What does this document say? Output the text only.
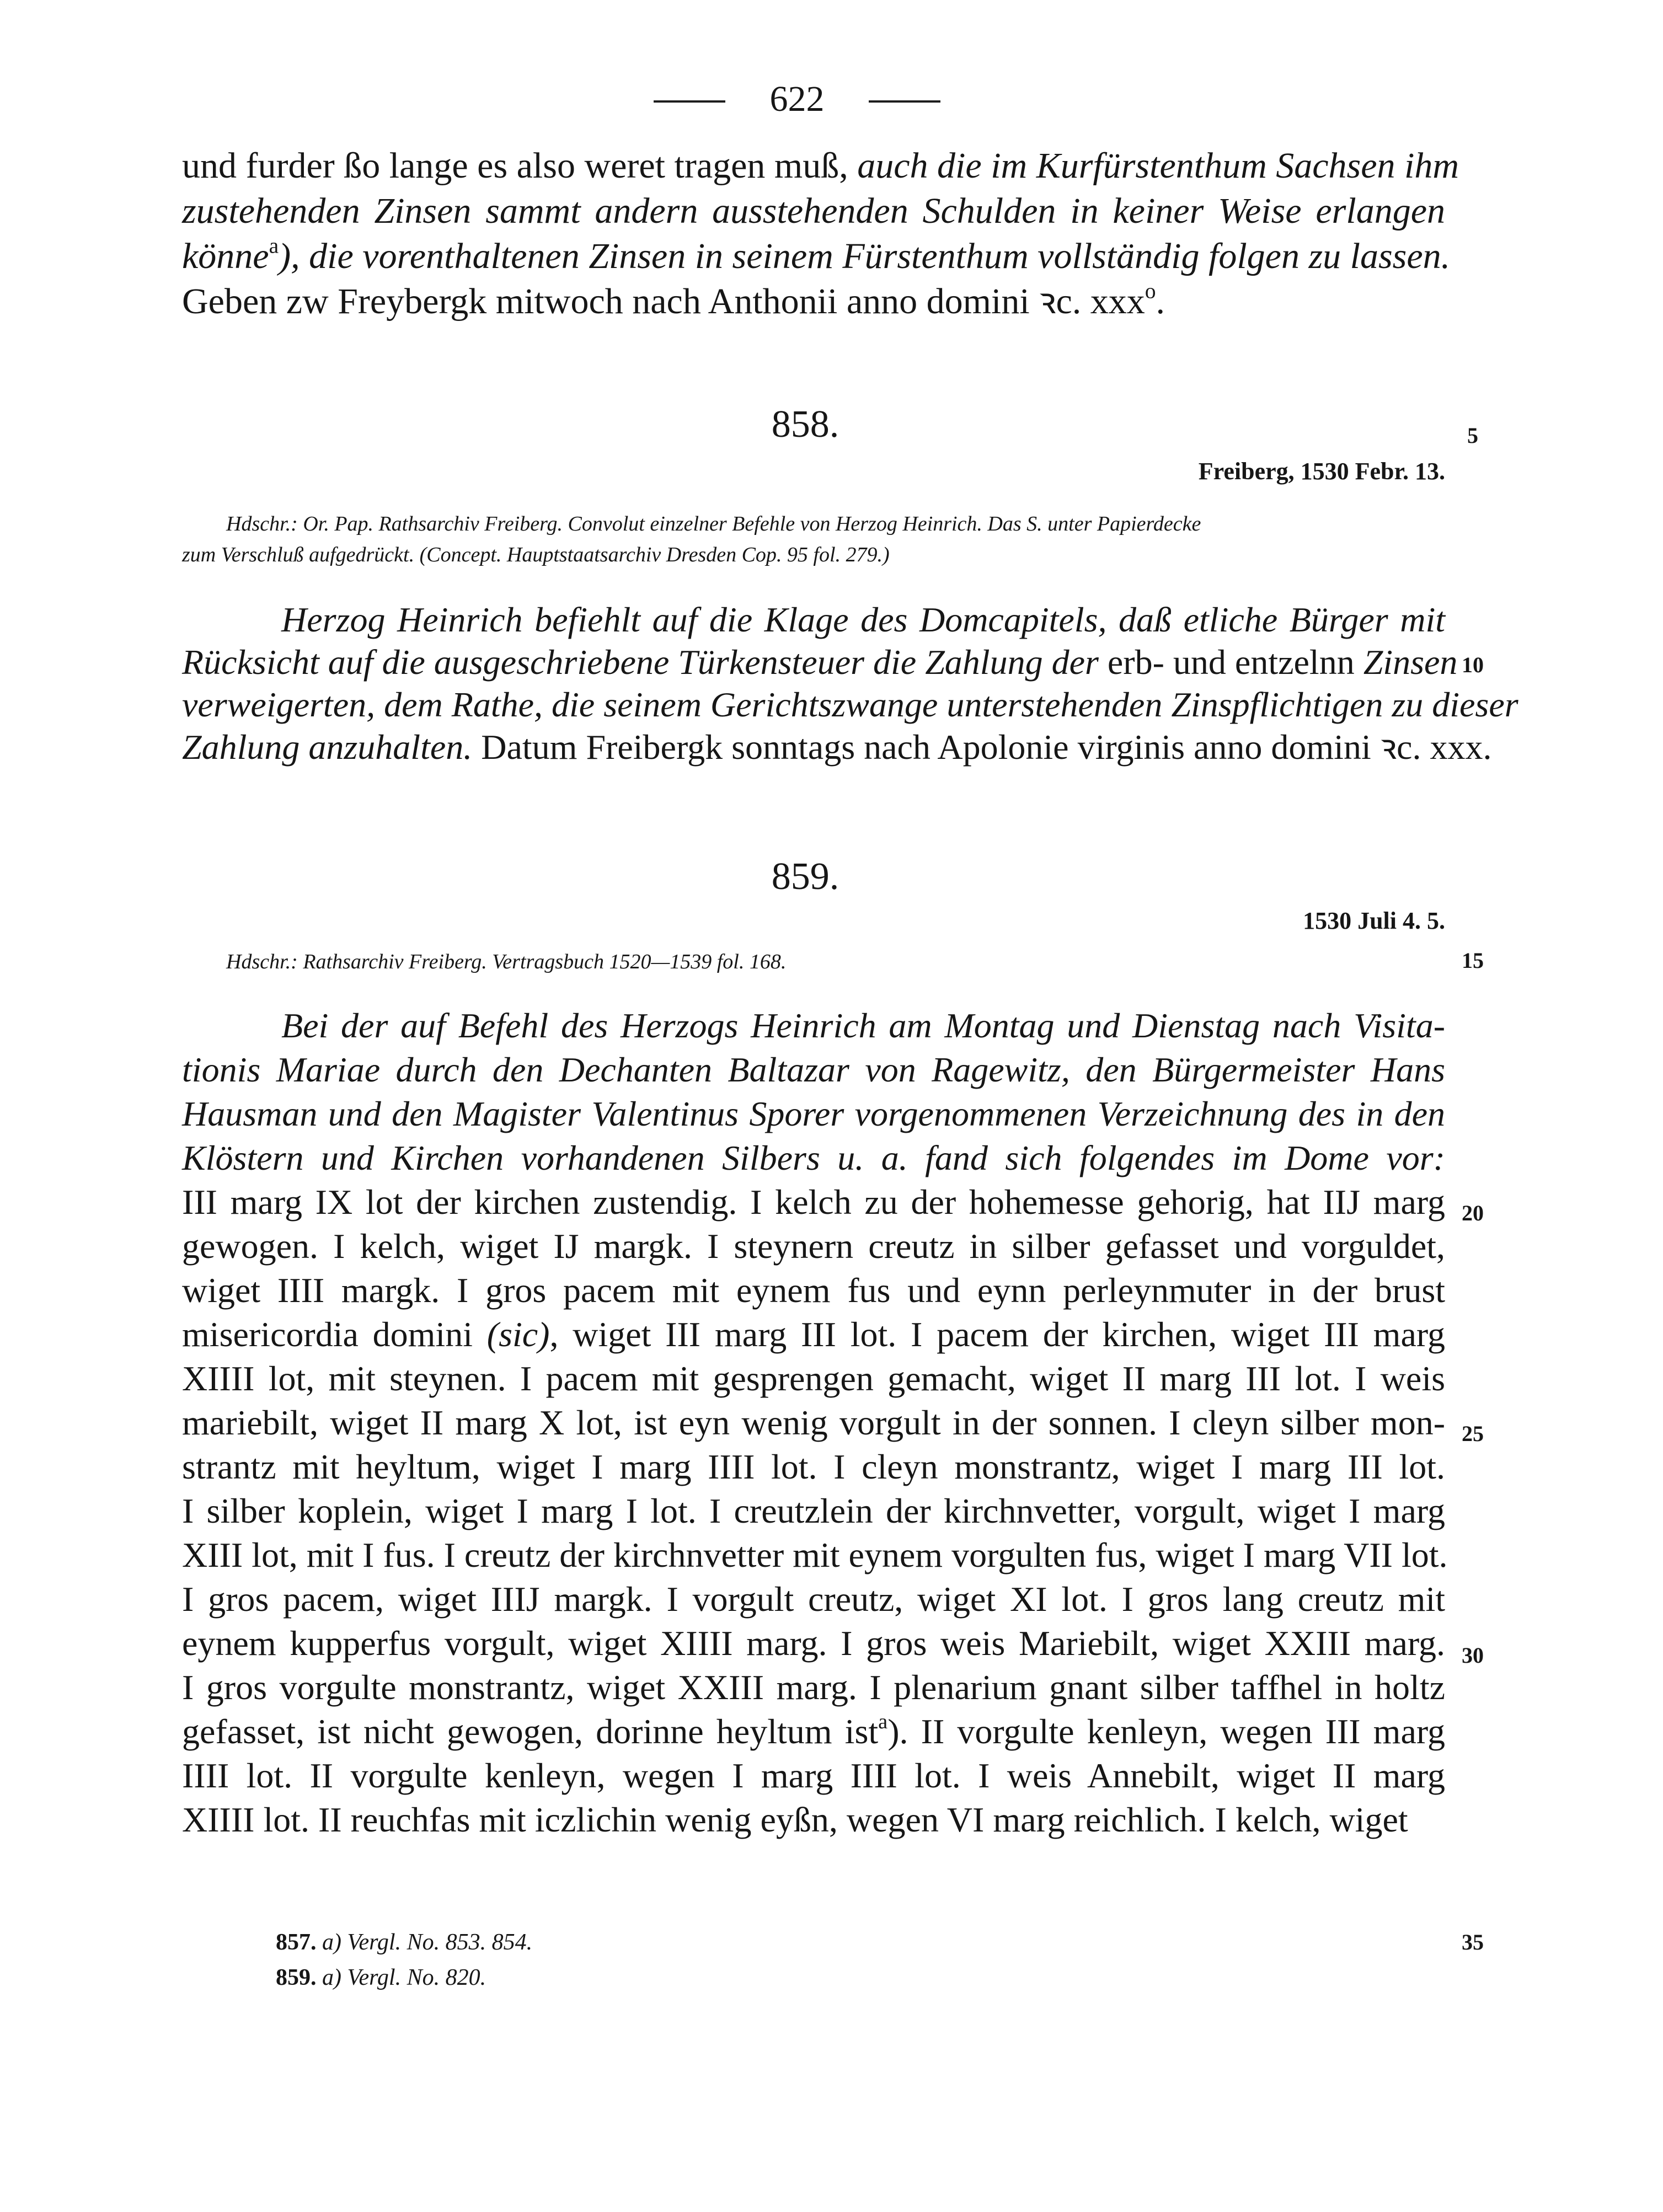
622
und furder ßo lange es also weret tragen muß, auch die im Kurfürstenthum Sachsen ihm
zustehenden Zinsen sammt andern ausstehenden Schulden in keiner Weise erlangen
könne$^a$), die vorenthaltenen Zinsen in seinem Fürstenthum vollständig folgen zu lassen.
Geben zw Freybergk mitwoch nach Anthonii anno domini ꝛc. xxx$^o$.
858.
Freiberg, 1530 Febr. 13.
Hdschr.: Or. Pap. Rathsarchiv Freiberg. Convolut einzelner Befehle von Herzog Heinrich. Das S. unter Papierdecke
zum Verschluß aufgedrückt. (Concept. Hauptstaatsarchiv Dresden Cop. 95 fol. 279.)
Herzog Heinrich befiehlt auf die Klage des Domcapitels, daß etliche Bürger mit
Rücksicht auf die ausgeschriebene Türkensteuer die Zahlung der erb- und entzelnn Zinsen
verweigerten, dem Rathe, die seinem Gerichtszwange unterstehenden Zinspflichtigen zu dieser
Zahlung anzuhalten. Datum Freibergk sonntags nach Apolonie virginis anno domini ꝛc. xxx.
859.
1530 Juli 4. 5.
Hdschr.: Rathsarchiv Freiberg. Vertragsbuch 1520—1539 fol. 168.
Bei der auf Befehl des Herzogs Heinrich am Montag und Dienstag nach Visita-
tionis Mariae durch den Dechanten Baltazar von Ragewitz, den Bürgermeister Hans
Hausman und den Magister Valentinus Sporer vorgenommenen Verzeichnung des in den
Klöstern und Kirchen vorhandenen Silbers u. a. fand sich folgendes im Dome vor:
III marg IX lot der kirchen zustendig. I kelch zu der hohemesse gehorig, hat IIJ marg
gewogen. I kelch, wiget IJ margk. I steynern creutz in silber gefasset und vorguldet,
wiget IIII margk. I gros pacem mit eynem fus und eynn perleynmuter in der brust
misericordia domini (sic), wiget III marg III lot. I pacem der kirchen, wiget III marg
XIIII lot, mit steynen. I pacem mit gesprengen gemacht, wiget II marg III lot. I weis
mariebilt, wiget II marg X lot, ist eyn wenig vorgult in der sonnen. I cleyn silber mon-
strantz mit heyltum, wiget I marg IIII lot. I cleyn monstrantz, wiget I marg III lot.
I silber koplein, wiget I marg I lot. I creutzlein der kirchnvetter, vorgult, wiget I marg
XIII lot, mit I fus. I creutz der kirchnvetter mit eynem vorgulten fus, wiget I marg VII lot.
I gros pacem, wiget IIIJ margk. I vorgult creutz, wiget XI lot. I gros lang creutz mit
eynem kupperfus vorgult, wiget XIIII marg. I gros weis Mariebilt, wiget XXIII marg.
I gros vorgulte monstrantz, wiget XXIII marg. I plenarium gnant silber taffhel in holtz
gefasset, ist nicht gewogen, dorinne heyltum ist$^a$). II vorgulte kenleyn, wegen III marg
IIII lot. II vorgulte kenleyn, wegen I marg IIII lot. I weis Annebilt, wiget II marg
XIIII lot. II reuchfas mit iczlichin wenig eyßn, wegen VI marg reichlich. I kelch, wiget
5
10
15
20
25
30
35
857. a) Vergl. No. 853. 854.
859. a) Vergl. No. 820.
